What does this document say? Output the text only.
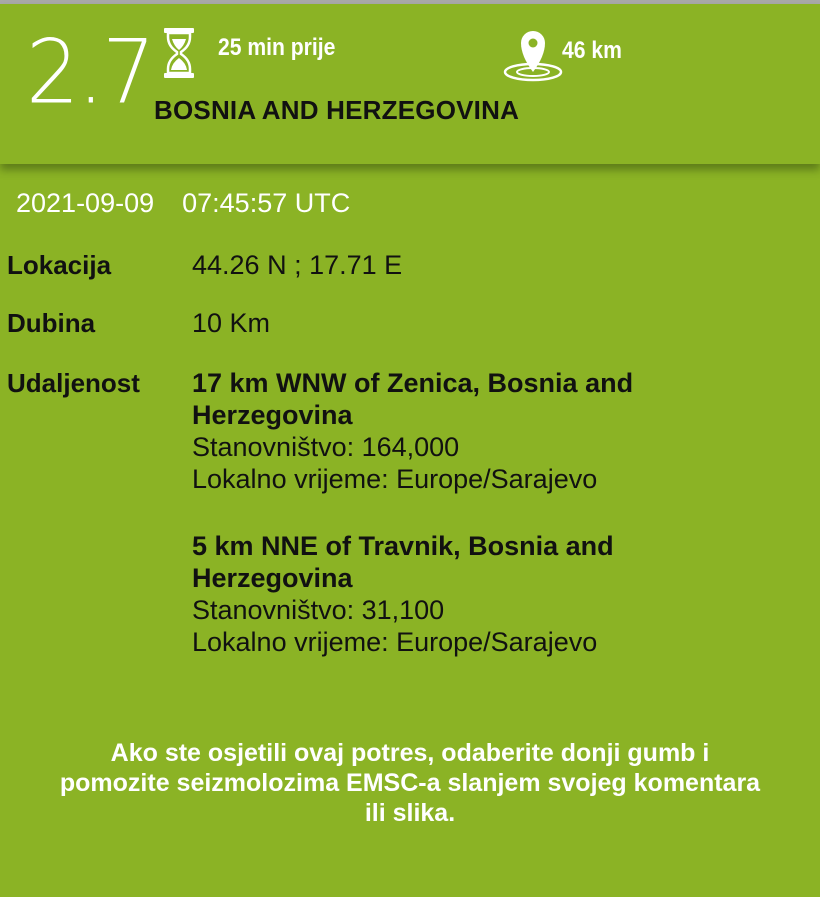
2.7	25 min prije	46 km
BOSNIA AND HERZEGOVINA
2021-09-09 07:45:57 UTC
Lokacija	44.26 N ; 17.71 E
Dubina	10 Km
Udaljenost 17 km WNW of Zenica, Bosnia and
Herzegovina
Stanovništvo: 164,000
Lokalno vrijeme: Europe/Sarajevo
5 km NNE of Travnik, Bosnia and
Herzegovina
Stanovništvo: 31,100
Lokalno vrijeme: Europe/Sarajevo
Ako ste osjetili ovaj potres, odaberite donji gumb i
pomozite seizmolozima EMSC-a slanjem svojeg komentara
ili slika.
